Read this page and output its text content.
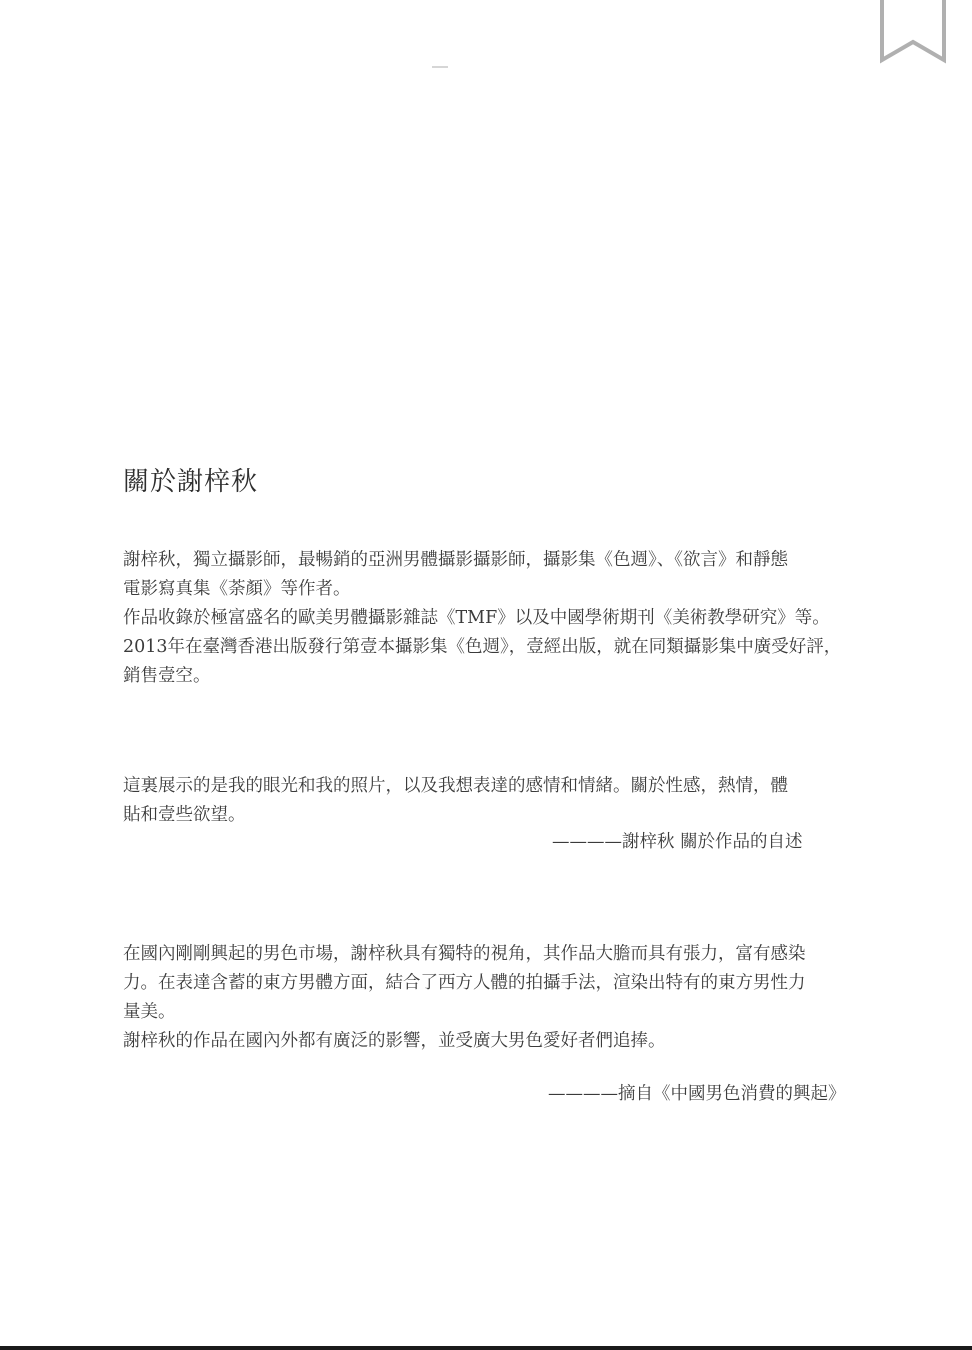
關於謝梓秋
謝梓秋，獨立攝影師，最暢銷的亞洲男體攝影攝影師，攝影集《色週》、《欲言》和靜態
電影寫真集《荼顏》等作者。
作品收錄於極富盛名的歐美男體攝影雜誌《TMF》以及中國學術期刊《美術教學研究》等。
2013年在臺灣香港出版發行第壹本攝影集《色週》，壹經出版，就在同類攝影集中廣受好評，
銷售壹空。
這裏展示的是我的眼光和我的照片，以及我想表達的感情和情緒。關於性感，熱情，體
貼和壹些欲望。
————謝梓秋 關於作品的自述
在國內剛剛興起的男色市場，謝梓秋具有獨特的視角，其作品大膽而具有張力，富有感染
力。在表達含蓄的東方男體方面，結合了西方人體的拍攝手法，渲染出特有的東方男性力
量美。
謝梓秋的作品在國內外都有廣泛的影響，並受廣大男色愛好者們追捧。
————摘自《中國男色消費的興起》
